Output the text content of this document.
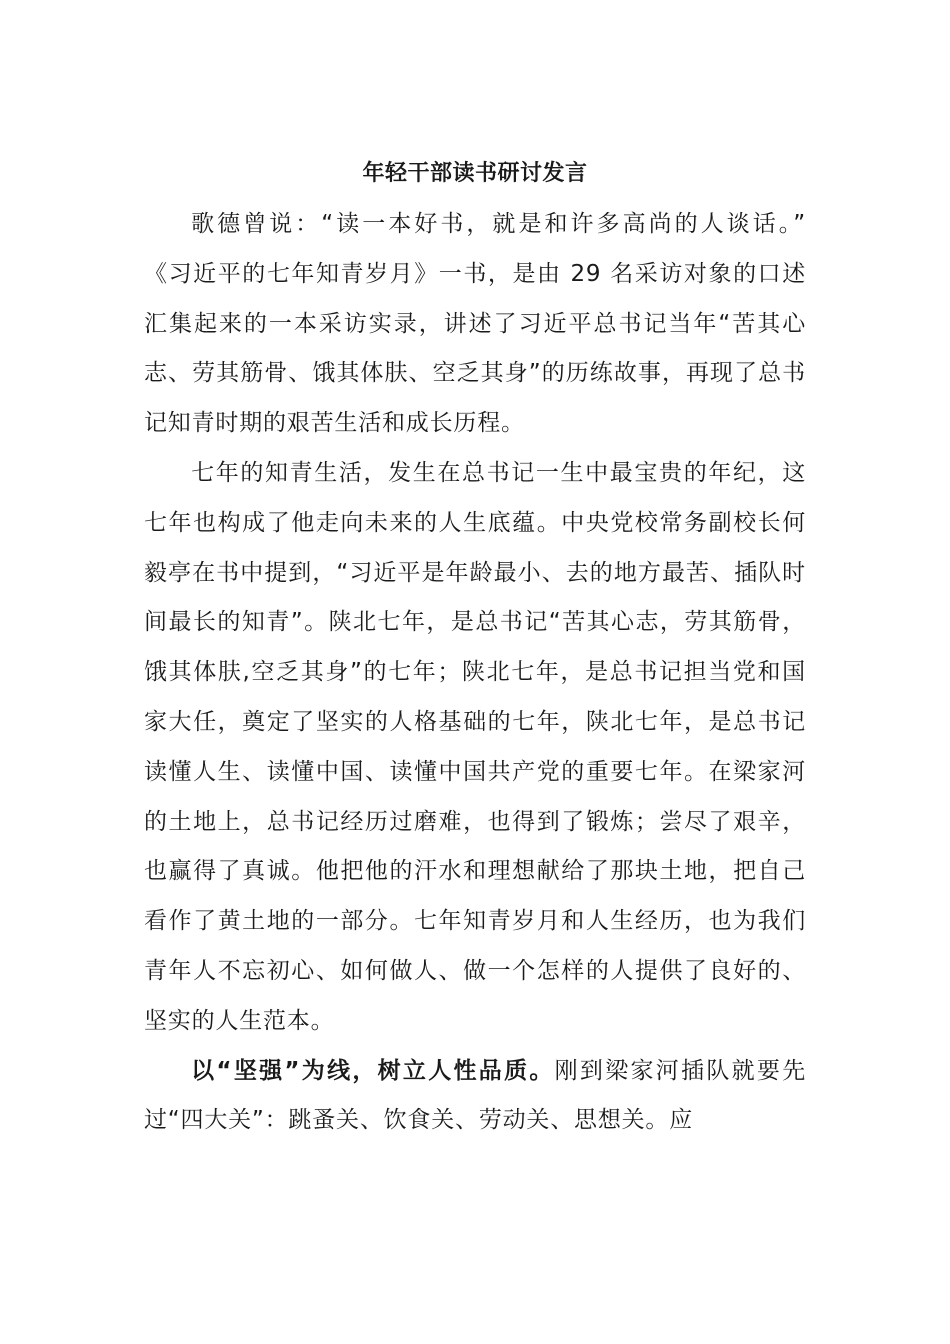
年轻干部读书研讨发言

歌德曾说：“读一本好书，就是和许多高尚的人谈话。” 《习近平的七年知青岁月》一书，是由 29 名采访对象的口述汇集起来的一本采访实录，讲述了习近平总书记当年“苦其心志、劳其筋骨、饿其体肤、空乏其身”的历练故事，再现了总书记知青时期的艰苦生活和成长历程。

七年的知青生活，发生在总书记一生中最宝贵的年纪，这七年也构成了他走向未来的人生底蕴。中央党校常务副校长何毅亭在书中提到，“习近平是年龄最小、去的地方最苦、插队时间最长的知青”。陕北七年，是总书记“苦其心志，劳其筋骨，饿其体肤,空乏其身”的七年；陕北七年，是总书记担当党和国家大任，奠定了坚实的人格基础的七年，陕北七年，是总书记读懂人生、读懂中国、读懂中国共产党的重要七年。在梁家河的土地上，总书记经历过磨难，也得到了锻炼；尝尽了艰辛，也赢得了真诚。他把他的汗水和理想献给了那块土地，把自己看作了黄土地的一部分。七年知青岁月和人生经历，也为我们青年人不忘初心、如何做人、做一个怎样的人提供了良好的、坚实的人生范本。

以“坚强”为线，树立人性品质。刚到梁家河插队就要先过“四大关”：跳蚤关、饮食关、劳动关、思想关。应
